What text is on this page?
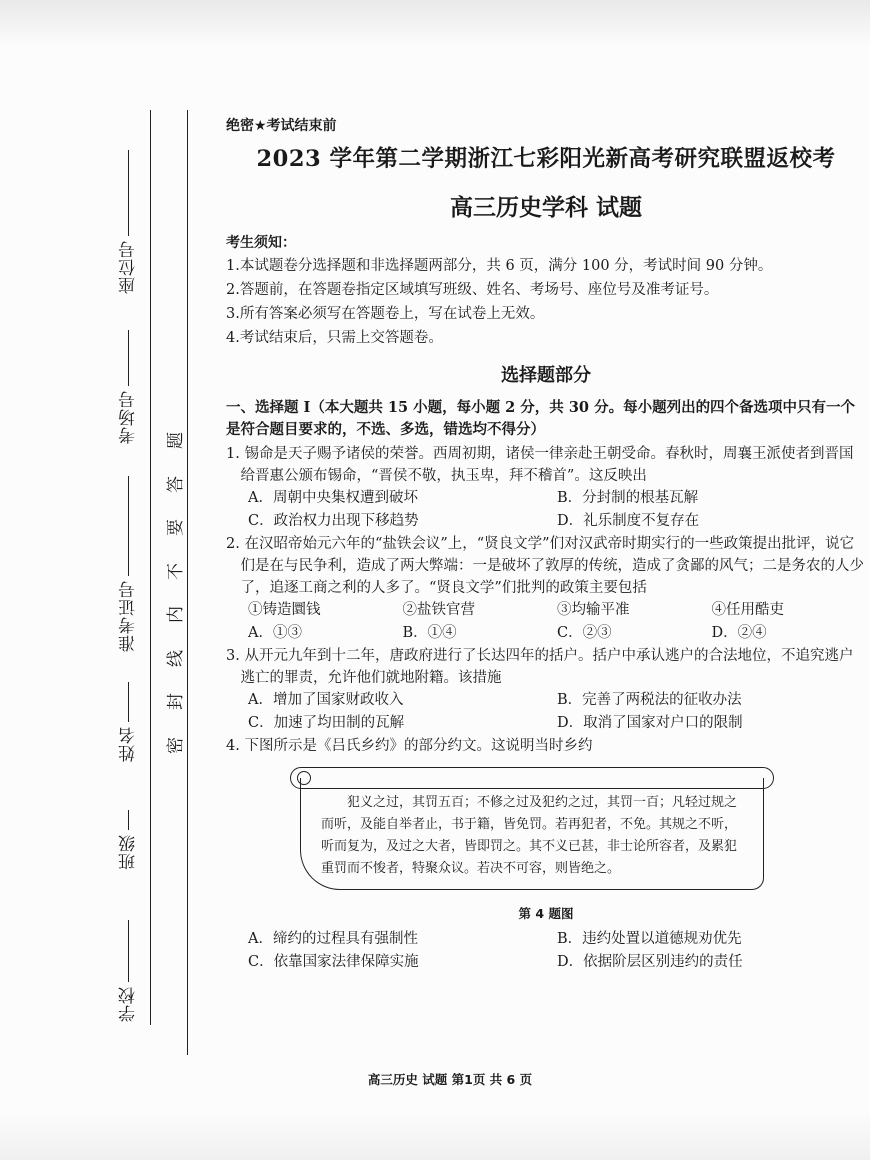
座位号
考场号
准考证号
姓名
班级
学校
题
答
要
不
内
线
封
密
绝密★考试结束前
2023 学年第二学期浙江七彩阳光新高考研究联盟返校考
高三历史学科 试题
考生须知：

1.本试题卷分选择题和非选择题两部分，共 6 页，满分 100 分，考试时间 90 分钟。

2.答题前，在答题卷指定区域填写班级、姓名、考场号、座位号及准考证号。

3.所有答案必须写在答题卷上，写在试卷上无效。

4.考试结束后，只需上交答题卷。

选择题部分
一、选择题 I（本大题共 15 小题，每小题 2 分，共 30 分。每小题列出的四个备选项中只有一个是符合题目要求的，不选、多选，错选均不得分）
1. 锡命是天子赐予诸侯的荣誉。西周初期，诸侯一律亲赴王朝受命。春秋时，周襄王派使者到晋国给晋惠公颁布锡命，“晋侯不敬，执玉卑，拜不稽首”。这反映出
A．周朝中央集权遭到破坏	B．分封制的根基瓦解
C．政治权力出现下移趋势	D．礼乐制度不复存在
2. 在汉昭帝始元六年的“盐铁会议”上，“贤良文学”们对汉武帝时期实行的一些政策提出批评，说它们是在与民争利，造成了两大弊端：一是破坏了敦厚的传统，造成了贪鄙的风气；二是务农的人少了，追逐工商之利的人多了。“贤良文学”们批判的政策主要包括
①铸造圜钱	②盐铁官营	③均输平准	④任用酷吏
A．①③	B．①④	C．②③	D．②④
3. 从开元九年到十二年，唐政府进行了长达四年的括户。括户中承认逃户的合法地位，不追究逃户逃亡的罪责，允许他们就地附籍。该措施
A．增加了国家财政收入	B．完善了两税法的征收办法
C．加速了均田制的瓦解	D．取消了国家对户口的限制
4. 下图所示是《吕氏乡约》的部分约文。这说明当时乡约
犯义之过，其罚五百；不修之过及犯约之过，其罚一百；凡轻过规之而听，及能自举者止，书于籍，皆免罚。若再犯者，不免。其规之不听，听而复为，及过之大者，皆即罚之。其不义已甚，非士论所容者，及累犯重罚而不悛者，特聚众议。若决不可容，则皆绝之。
第 4 题图
A．缔约的过程具有强制性	B．违约处置以道德规劝优先
C．依靠国家法律保障实施	D．依据阶层区别违约的责任
高三历史 试题 第1页 共 6 页
